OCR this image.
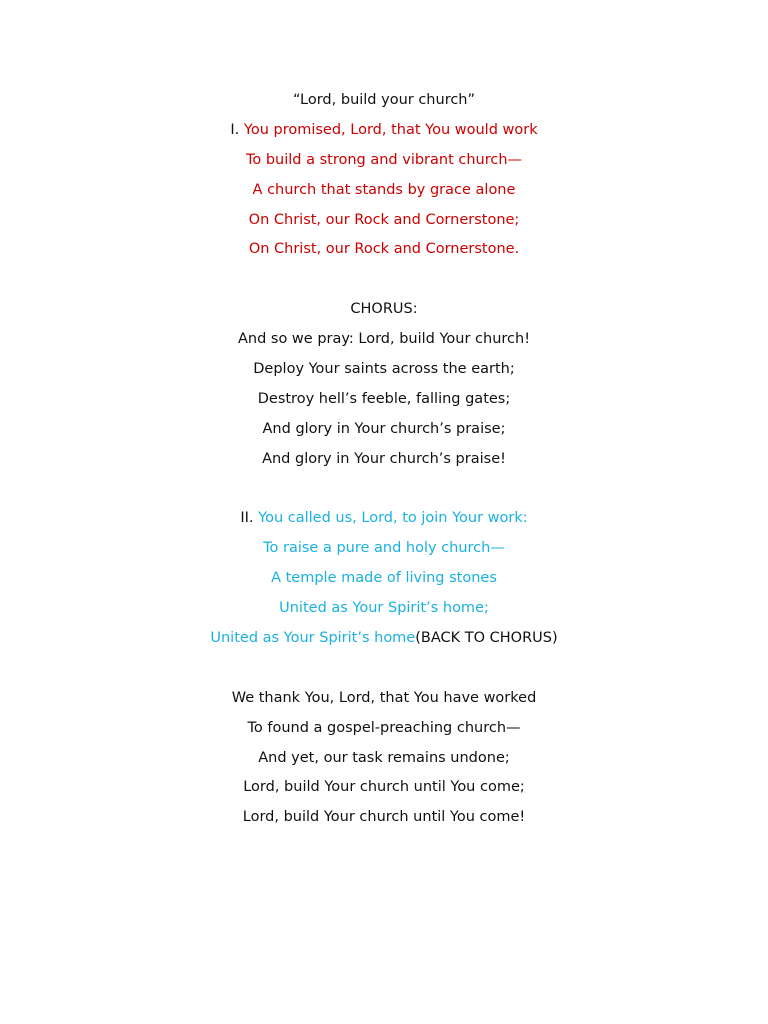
“Lord, build your church”
I. You promised, Lord, that You would work
To build a strong and vibrant church—
A church that stands by grace alone
On Christ, our Rock and Cornerstone;
On Christ, our Rock and Cornerstone.
CHORUS:
And so we pray: Lord, build Your church!
Deploy Your saints across the earth;
Destroy hell’s feeble, falling gates;
And glory in Your church’s praise;
And glory in Your church’s praise!
II. You called us, Lord, to join Your work:
To raise a pure and holy church—
A temple made of living stones
United as Your Spirit’s home;
United as Your Spirit’s home(BACK TO CHORUS)
We thank You, Lord, that You have worked
To found a gospel-preaching church—
And yet, our task remains undone;
Lord, build Your church until You come;
Lord, build Your church until You come!
